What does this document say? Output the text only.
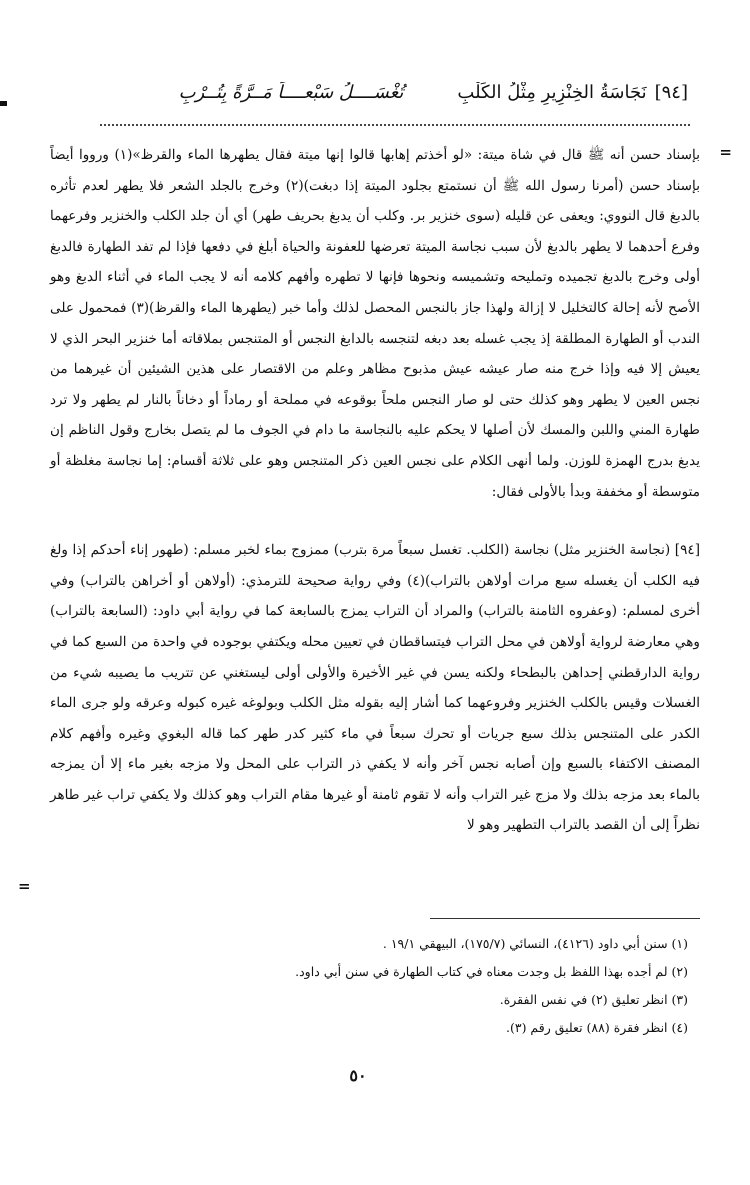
[٩٤]نَجَاسَةُ الخِنْزِيرِ مِثْلُ الكَلْبِتُغْسَــــلُ سَبْعــــاً مَــرَّةً بِتُــرْبِ
=

بإسناد حسن أنه ﷺ قال في شاة ميتة: «لو أخذتم إهابها قالوا إنها ميتة فقال يطهرها الماء والقرظ»(١) ورووا أيضاً بإسناد حسن (أمرنا رسول الله ﷺ أن نستمتع بجلود الميتة إذا دبغت)(٢) وخرج بالجلد الشعر فلا يطهر لعدم تأثره بالدبغ قال النووي: ويعفى عن قليله (سوى خنزير بر. وكلب أن يدبغ بحريف طهر) أي أن جلد الكلب والخنزير وفرعهما وفرع أحدهما لا يطهر بالدبغ لأن سبب نجاسة الميتة تعرضها للعفونة والحياة أبلغ في دفعها فإذا لم تفد الطهارة فالدبغ أولى وخرج بالدبغ تجميده وتمليحه وتشميسه ونحوها فإنها لا تطهره وأفهم كلامه أنه لا يجب الماء في أثناء الدبغ وهو الأصح لأنه إحالة كالتخليل لا إزالة ولهذا جاز بالنجس المحصل لذلك وأما خبر (يطهرها الماء والقرظ)(٣) فمحمول على الندب أو الطهارة المطلقة إذ يجب غسله بعد دبغه لتنجسه بالدابغ النجس أو المتنجس بملاقاته أما خنزير البحر الذي لا يعيش إلا فيه وإذا خرج منه صار عيشه عيش مذبوح مظاهر وعلم من الاقتصار على هذين الشيئين أن غيرهما من نجس العين لا يطهر وهو كذلك حتى لو صار النجس ملحاً بوقوعه في مملحة أو رماداً أو دخاناً بالنار لم يطهر ولا ترد طهارة المني واللبن والمسك لأن أصلها لا يحكم عليه بالنجاسة ما دام في الجوف ما لم يتصل بخارج وقول الناظم إن يدبغ بدرج الهمزة للوزن. ولما أنهى الكلام على نجس العين ذكر المتنجس وهو على ثلاثة أقسام: إما نجاسة مغلظة أو متوسطة أو مخففة وبدأ بالأولى فقال:

[٩٤] (نجاسة الخنزير مثل) نجاسة (الكلب. تغسل سبعاً مرة بترب) ممزوج بماء لخبر مسلم: (طهور إناء أحدكم إذا ولغ فيه الكلب أن يغسله سبع مرات أولاهن بالتراب)(٤) وفي رواية صحيحة للترمذي: (أولاهن أو أخراهن بالتراب) وفي أخرى لمسلم: (وعفروه الثامنة بالتراب) والمراد أن التراب يمزج بالسابعة كما في رواية أبي داود: (السابعة بالتراب) وهي معارضة لرواية أولاهن في محل التراب فيتساقطان في تعيين محله ويكتفي بوجوده في واحدة من السبع كما في رواية الدارقطني إحداهن بالبطحاء ولكنه يسن في غير الأخيرة والأولى أولى ليستغني عن تتريب ما يصيبه شيء من الغسلات وقيس بالكلب الخنزير وفروعهما كما أشار إليه بقوله مثل الكلب وبولوغه غيره كبوله وعرقه ولو جرى الماء الكدر على المتنجس بذلك سبع جريات أو تحرك سبعاً في ماء كثير كدر طهر كما قاله البغوي وغيره وأفهم كلام المصنف الاكتفاء بالسبع وإن أصابه نجس آخر وأنه لا يكفي ذر التراب على المحل ولا مزجه بغير ماء إلا أن يمزجه بالماء بعد مزجه بذلك ولا مزج غير التراب وأنه لا تقوم ثامنة أو غيرها مقام التراب وهو كذلك ولا يكفي تراب غير طاهر نظراً إلى أن القصد بالتراب التطهير وهو لا

=
(١) سنن أبي داود (٤١٢٦)، النسائي (١٧٥/٧)، البيهقي ١٩/١ .
(٢) لم أجده بهذا اللفظ بل وجدت معناه في كتاب الطهارة في سنن أبي داود.
(٣) انظر تعليق (٢) في نفس الفقرة.
(٤) انظر فقرة (٨٨) تعليق رقم (٣).
٥٠
